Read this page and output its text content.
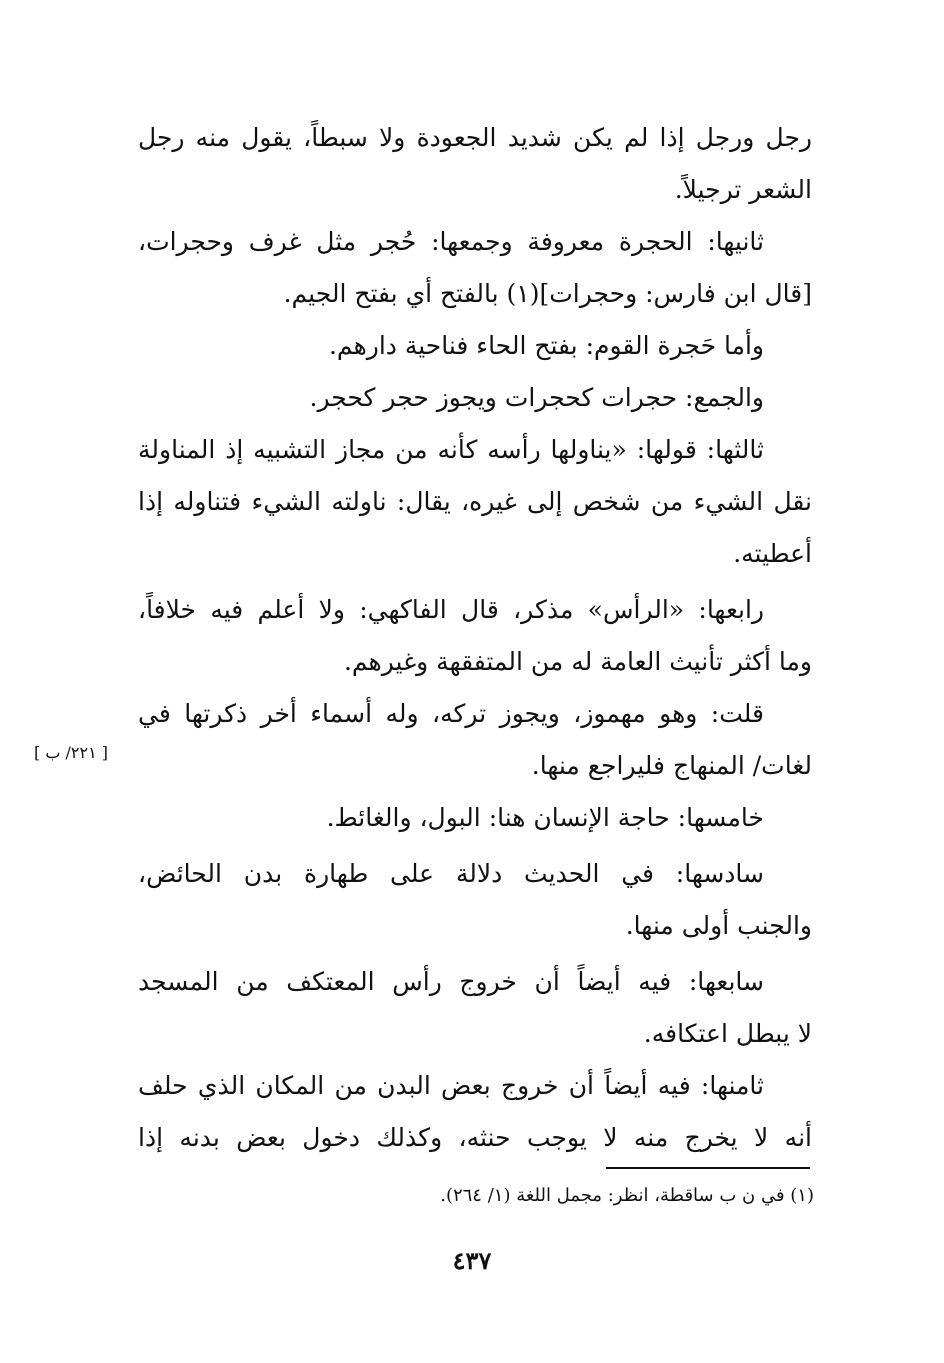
رجل ورجل إذا لم يكن شديد الجعودة ولا سبطاً، يقول منه رجل
الشعر ترجيلاً.
ثانيها: الحجرة معروفة وجمعها: حُجر مثل غرف وحجرات،
[قال ابن فارس: وحجرات](١) بالفتح أي بفتح الجيم.
وأما حَجرة القوم: بفتح الحاء فناحية دارهم.
والجمع: حجرات كحجرات ويجوز حجر كحجر.
ثالثها: قولها: «يناولها رأسه كأنه من مجاز التشبيه إذ المناولة
نقل الشيء من شخص إلى غيره، يقال: ناولته الشيء فتناوله إذا
أعطيته.
رابعها: «الرأس» مذكر، قال الفاكهي: ولا أعلم فيه خلافاً،
وما أكثر تأنيث العامة له من المتفقهة وغيرهم.
قلت: وهو مهموز، ويجوز تركه، وله أسماء أخر ذكرتها في
لغات/ المنهاج فليراجع منها.
خامسها: حاجة الإنسان هنا: البول، والغائط.
سادسها: في الحديث دلالة على طهارة بدن الحائض،
والجنب أولى منها.
سابعها: فيه أيضاً أن خروج رأس المعتكف من المسجد
لا يبطل اعتكافه.
ثامنها: فيه أيضاً أن خروج بعض البدن من المكان الذي حلف
أنه لا يخرج منه لا يوجب حنثه، وكذلك دخول بعض بدنه إذا
[ ٢٢١/ ب ]
(١) في ن ب ساقطة، انظر: مجمل اللغة (١/ ٢٦٤).
٤٣٧
